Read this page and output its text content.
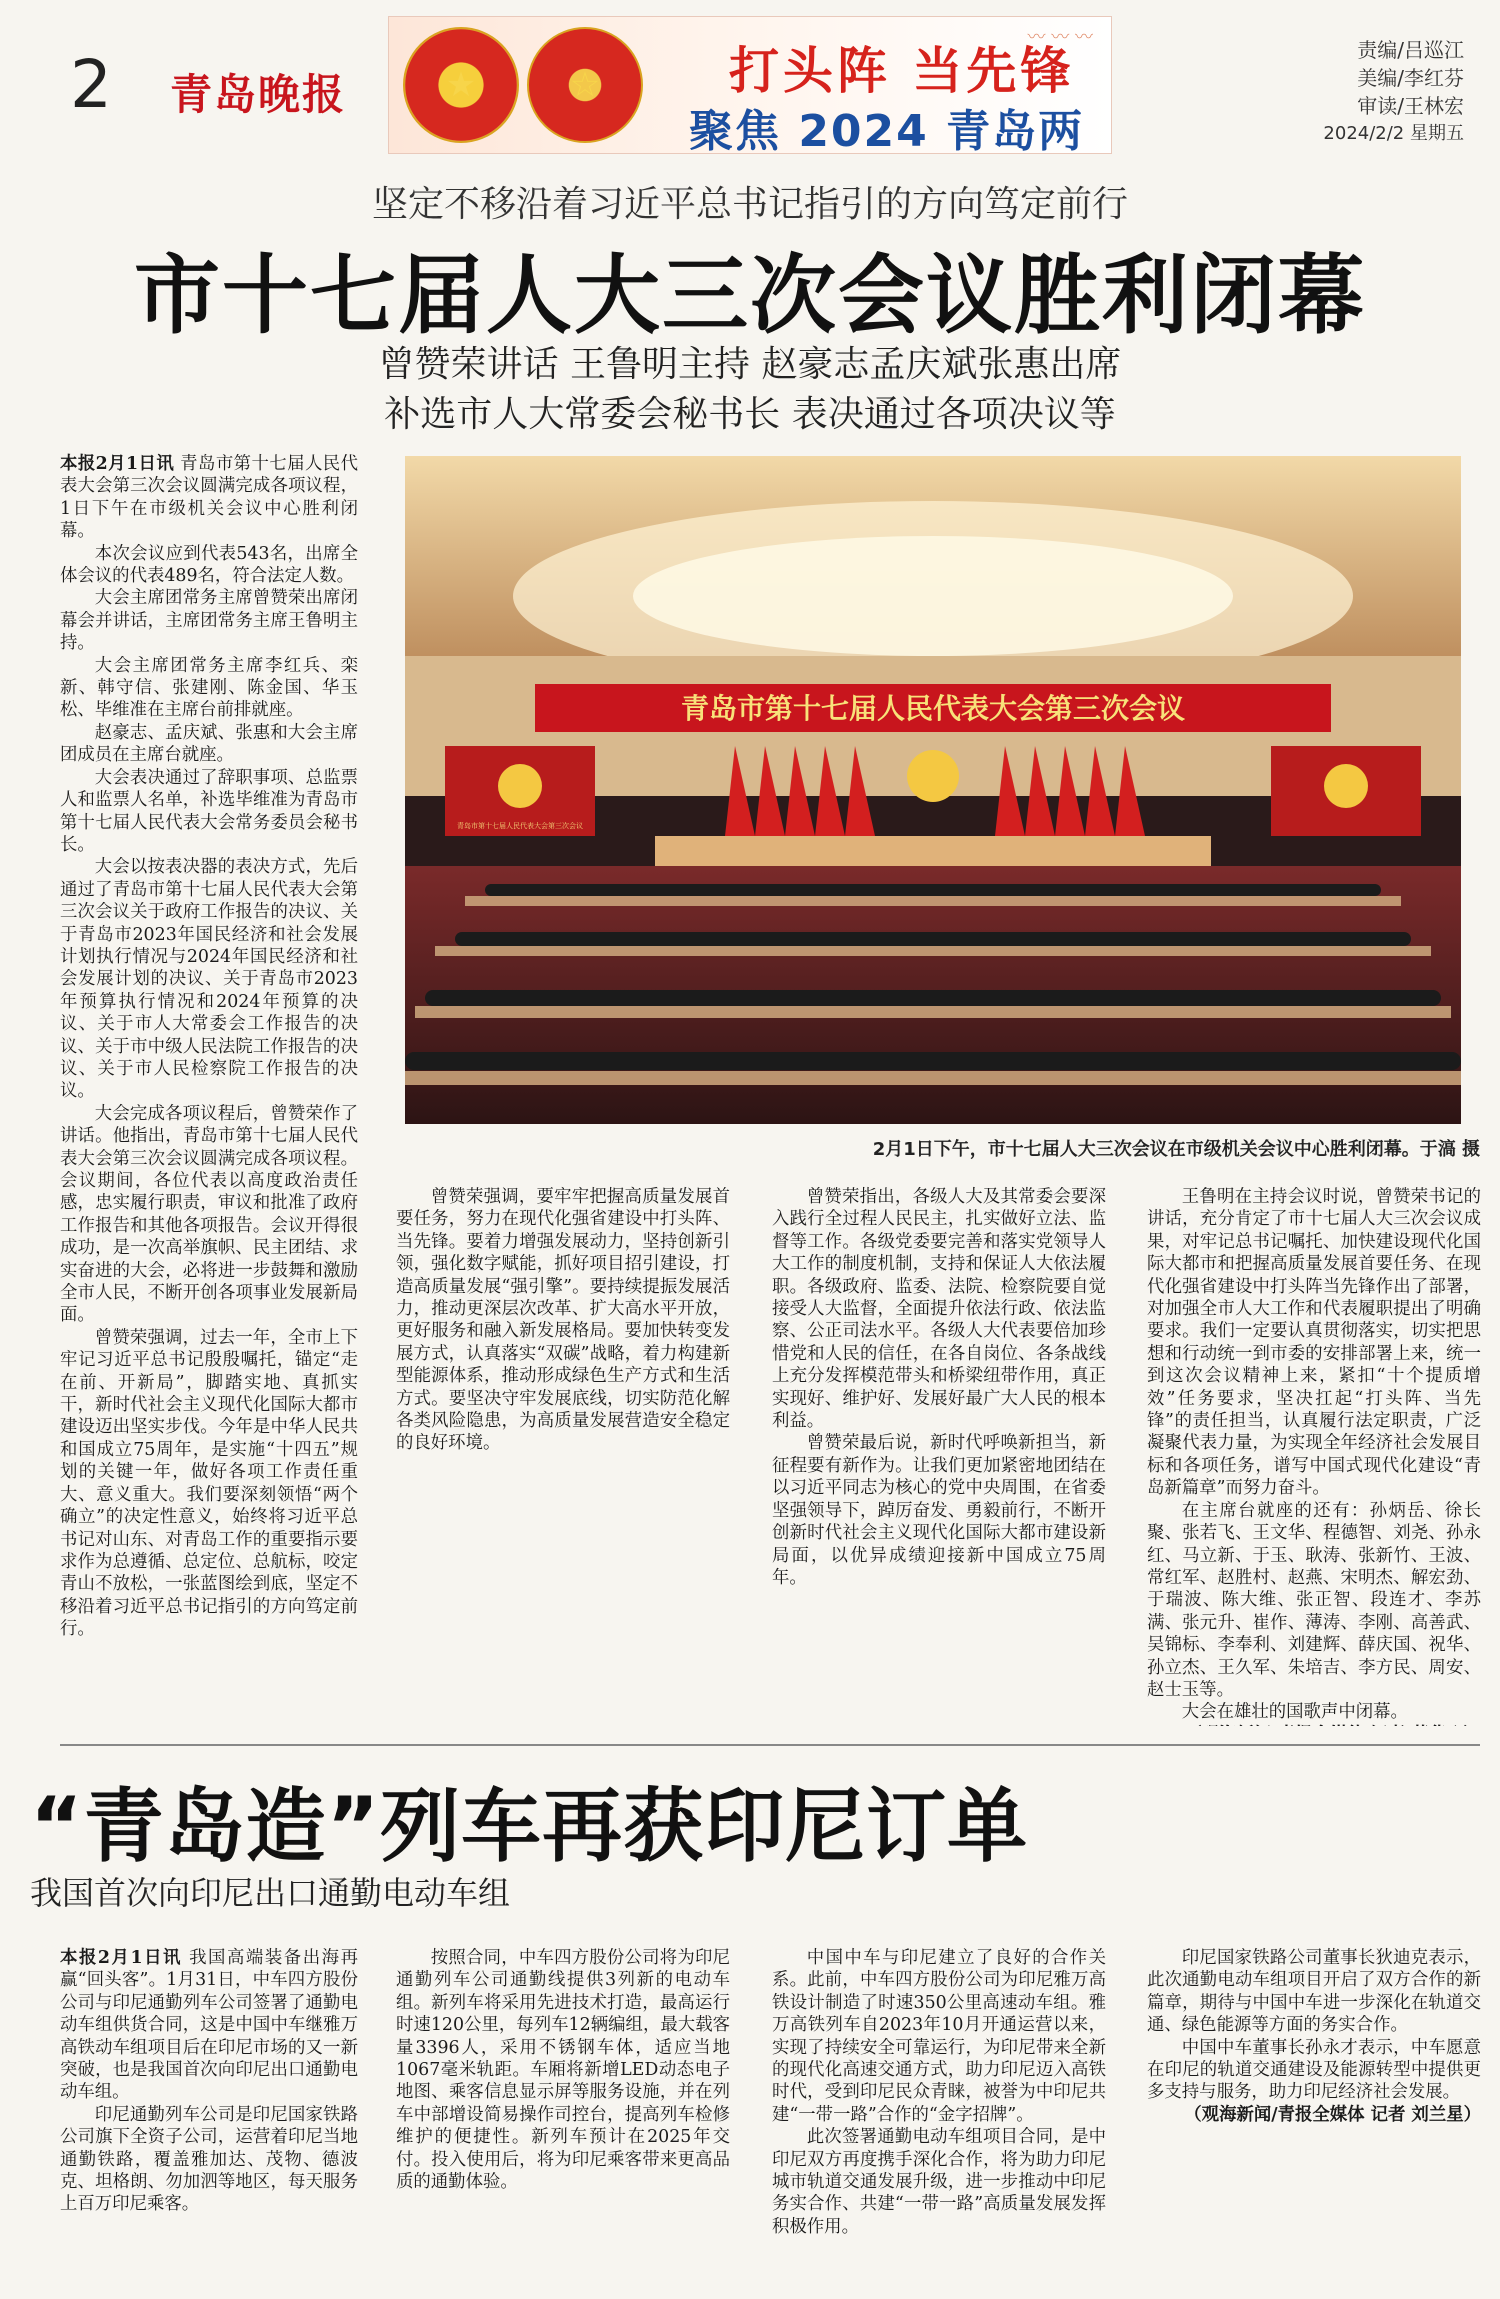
2 青岛晚报	★	☆
〰 〰 〰
打头阵 当先锋
聚焦 2024 青岛两
责编/吕巡江
美编/李红芬
审读/王林宏
2024/2/2 星期五
坚定不移沿着习近平总书记指引的方向笃定前行
市十七届人大三次会议胜利闭幕
曾赞荣讲话 王鲁明主持 赵豪志孟庆斌张惠出席
补选市人大常委会秘书长 表决通过各项决议等
青岛市第十七届人民代表大会第三次会议
青岛市第十七届人民代表大会第三次会议
2月1日下午，市十七届人大三次会议在市级机关会议中心胜利闭幕。于滈 摄

本报2月1日讯 青岛市第十七届人民代表大会第三次会议圆满完成各项议程，1日下午在市级机关会议中心胜利闭幕。

本次会议应到代表543名，出席全体会议的代表489名，符合法定人数。

大会主席团常务主席曾赞荣出席闭幕会并讲话，主席团常务主席王鲁明主持。

大会主席团常务主席李红兵、栾新、韩守信、张建刚、陈金国、华玉松、毕维准在主席台前排就座。

赵豪志、孟庆斌、张惠和大会主席团成员在主席台就座。

大会表决通过了辞职事项、总监票人和监票人名单，补选毕维准为青岛市第十七届人民代表大会常务委员会秘书长。

大会以按表决器的表决方式，先后通过了青岛市第十七届人民代表大会第三次会议关于政府工作报告的决议、关于青岛市2023年国民经济和社会发展计划执行情况与2024年国民经济和社会发展计划的决议、关于青岛市2023年预算执行情况和2024年预算的决议、关于市人大常委会工作报告的决议、关于市中级人民法院工作报告的决议、关于市人民检察院工作报告的决议。

大会完成各项议程后，曾赞荣作了讲话。他指出，青岛市第十七届人民代表大会第三次会议圆满完成各项议程。会议期间，各位代表以高度政治责任感，忠实履行职责，审议和批准了政府工作报告和其他各项报告。会议开得很成功，是一次高举旗帜、民主团结、求实奋进的大会，必将进一步鼓舞和激励全市人民，不断开创各项事业发展新局面。

曾赞荣强调，过去一年，全市上下牢记习近平总书记殷殷嘱托，锚定“走在前、开新局”，脚踏实地、真抓实干，新时代社会主义现代化国际大都市建设迈出坚实步伐。今年是中华人民共和国成立75周年，是实施“十四五”规划的关键一年，做好各项工作责任重大、意义重大。我们要深刻领悟“两个确立”的决定性意义，始终将习近平总书记对山东、对青岛工作的重要指示要求作为总遵循、总定位、总航标，咬定青山不放松，一张蓝图绘到底，坚定不移沿着习近平总书记指引的方向笃定前行。

曾赞荣强调，要牢牢把握高质量发展首要任务，努力在现代化强省建设中打头阵、当先锋。要着力增强发展动力，坚持创新引领，强化数字赋能，抓好项目招引建设，打造高质量发展“强引擎”。要持续提振发展活力，推动更深层次改革、扩大高水平开放，更好服务和融入新发展格局。要加快转变发展方式，认真落实“双碳”战略，着力构建新型能源体系，推动形成绿色生产方式和生活方式。要坚决守牢发展底线，切实防范化解各类风险隐患，为高质量发展营造安全稳定的良好环境。

曾赞荣指出，各级人大及其常委会要深入践行全过程人民民主，扎实做好立法、监督等工作。各级党委要完善和落实党领导人大工作的制度机制，支持和保证人大依法履职。各级政府、监委、法院、检察院要自觉接受人大监督，全面提升依法行政、依法监察、公正司法水平。各级人大代表要倍加珍惜党和人民的信任，在各自岗位、各条战线上充分发挥模范带头和桥梁纽带作用，真正实现好、维护好、发展好最广大人民的根本利益。

曾赞荣最后说，新时代呼唤新担当，新征程要有新作为。让我们更加紧密地团结在以习近平同志为核心的党中央周围，在省委坚强领导下，踔厉奋发、勇毅前行，不断开创新时代社会主义现代化国际大都市建设新局面，以优异成绩迎接新中国成立75周年。

王鲁明在主持会议时说，曾赞荣书记的讲话，充分肯定了市十七届人大三次会议成果，对牢记总书记嘱托、加快建设现代化国际大都市和把握高质量发展首要任务、在现代化强省建设中打头阵当先锋作出了部署，对加强全市人大工作和代表履职提出了明确要求。我们一定要认真贯彻落实，切实把思想和行动统一到市委的安排部署上来，统一到这次会议精神上来，紧扣“十个提质增效”任务要求，坚决扛起“打头阵、当先锋”的责任担当，认真履行法定职责，广泛凝聚代表力量，为实现全年经济社会发展目标和各项任务，谱写中国式现代化建设“青岛新篇章”而努力奋斗。

在主席台就座的还有：孙炳岳、徐长聚、张若飞、王文华、程德智、刘尧、孙永红、马立新、于玉、耿涛、张新竹、王波、常红军、赵胜村、赵燕、宋明杰、解宏劲、于瑞波、陈大维、张正智、段连才、李苏满、张元升、崔作、薄涛、李刚、高善武、吴锦标、李奉利、刘建辉、薛庆国、祝华、孙立杰、王久军、朱培吉、李方民、周安、赵士玉等。

大会在雄壮的国歌声中闭幕。

“青岛造”列车再获印尼订单
我国首次向印尼出口通勤电动车组

本报2月1日讯 我国高端装备出海再赢“回头客”。1月31日，中车四方股份公司与印尼通勤列车公司签署了通勤电动车组供货合同，这是中国中车继雅万高铁动车组项目后在印尼市场的又一新突破，也是我国首次向印尼出口通勤电动车组。

印尼通勤列车公司是印尼国家铁路公司旗下全资子公司，运营着印尼当地通勤铁路，覆盖雅加达、茂物、德波克、坦格朗、勿加泗等地区，每天服务上百万印尼乘客。

按照合同，中车四方股份公司将为印尼通勤列车公司通勤线提供3列新的电动车组。新列车将采用先进技术打造，最高运行时速120公里，每列车12辆编组，最大载客量3396人，采用不锈钢车体，适应当地1067毫米轨距。车厢将新增LED动态电子地图、乘客信息显示屏等服务设施，并在列车中部增设简易操作司控台，提高列车检修维护的便捷性。新列车预计在2025年交付。投入使用后，将为印尼乘客带来更高品质的通勤体验。

中国中车与印尼建立了良好的合作关系。此前，中车四方股份公司为印尼雅万高铁设计制造了时速350公里高速动车组。雅万高铁列车自2023年10月开通运营以来，实现了持续安全可靠运行，为印尼带来全新的现代化高速交通方式，助力印尼迈入高铁时代，受到印尼民众青睐，被誉为中印尼共建“一带一路”合作的“金字招牌”。

此次签署通勤电动车组项目合同，是中印尼双方再度携手深化合作，将为助力印尼城市轨道交通发展升级，进一步推动中印尼务实合作、共建“一带一路”高质量发展发挥积极作用。

印尼国家铁路公司董事长狄迪克表示，此次通勤电动车组项目开启了双方合作的新篇章，期待与中国中车进一步深化在轨道交通、绿色能源等方面的务实合作。

中国中车董事长孙永才表示，中车愿意在印尼的轨道交通建设及能源转型中提供更多支持与服务，助力印尼经济社会发展。

（观海新闻/青报全媒体 记者 刘兰星）
